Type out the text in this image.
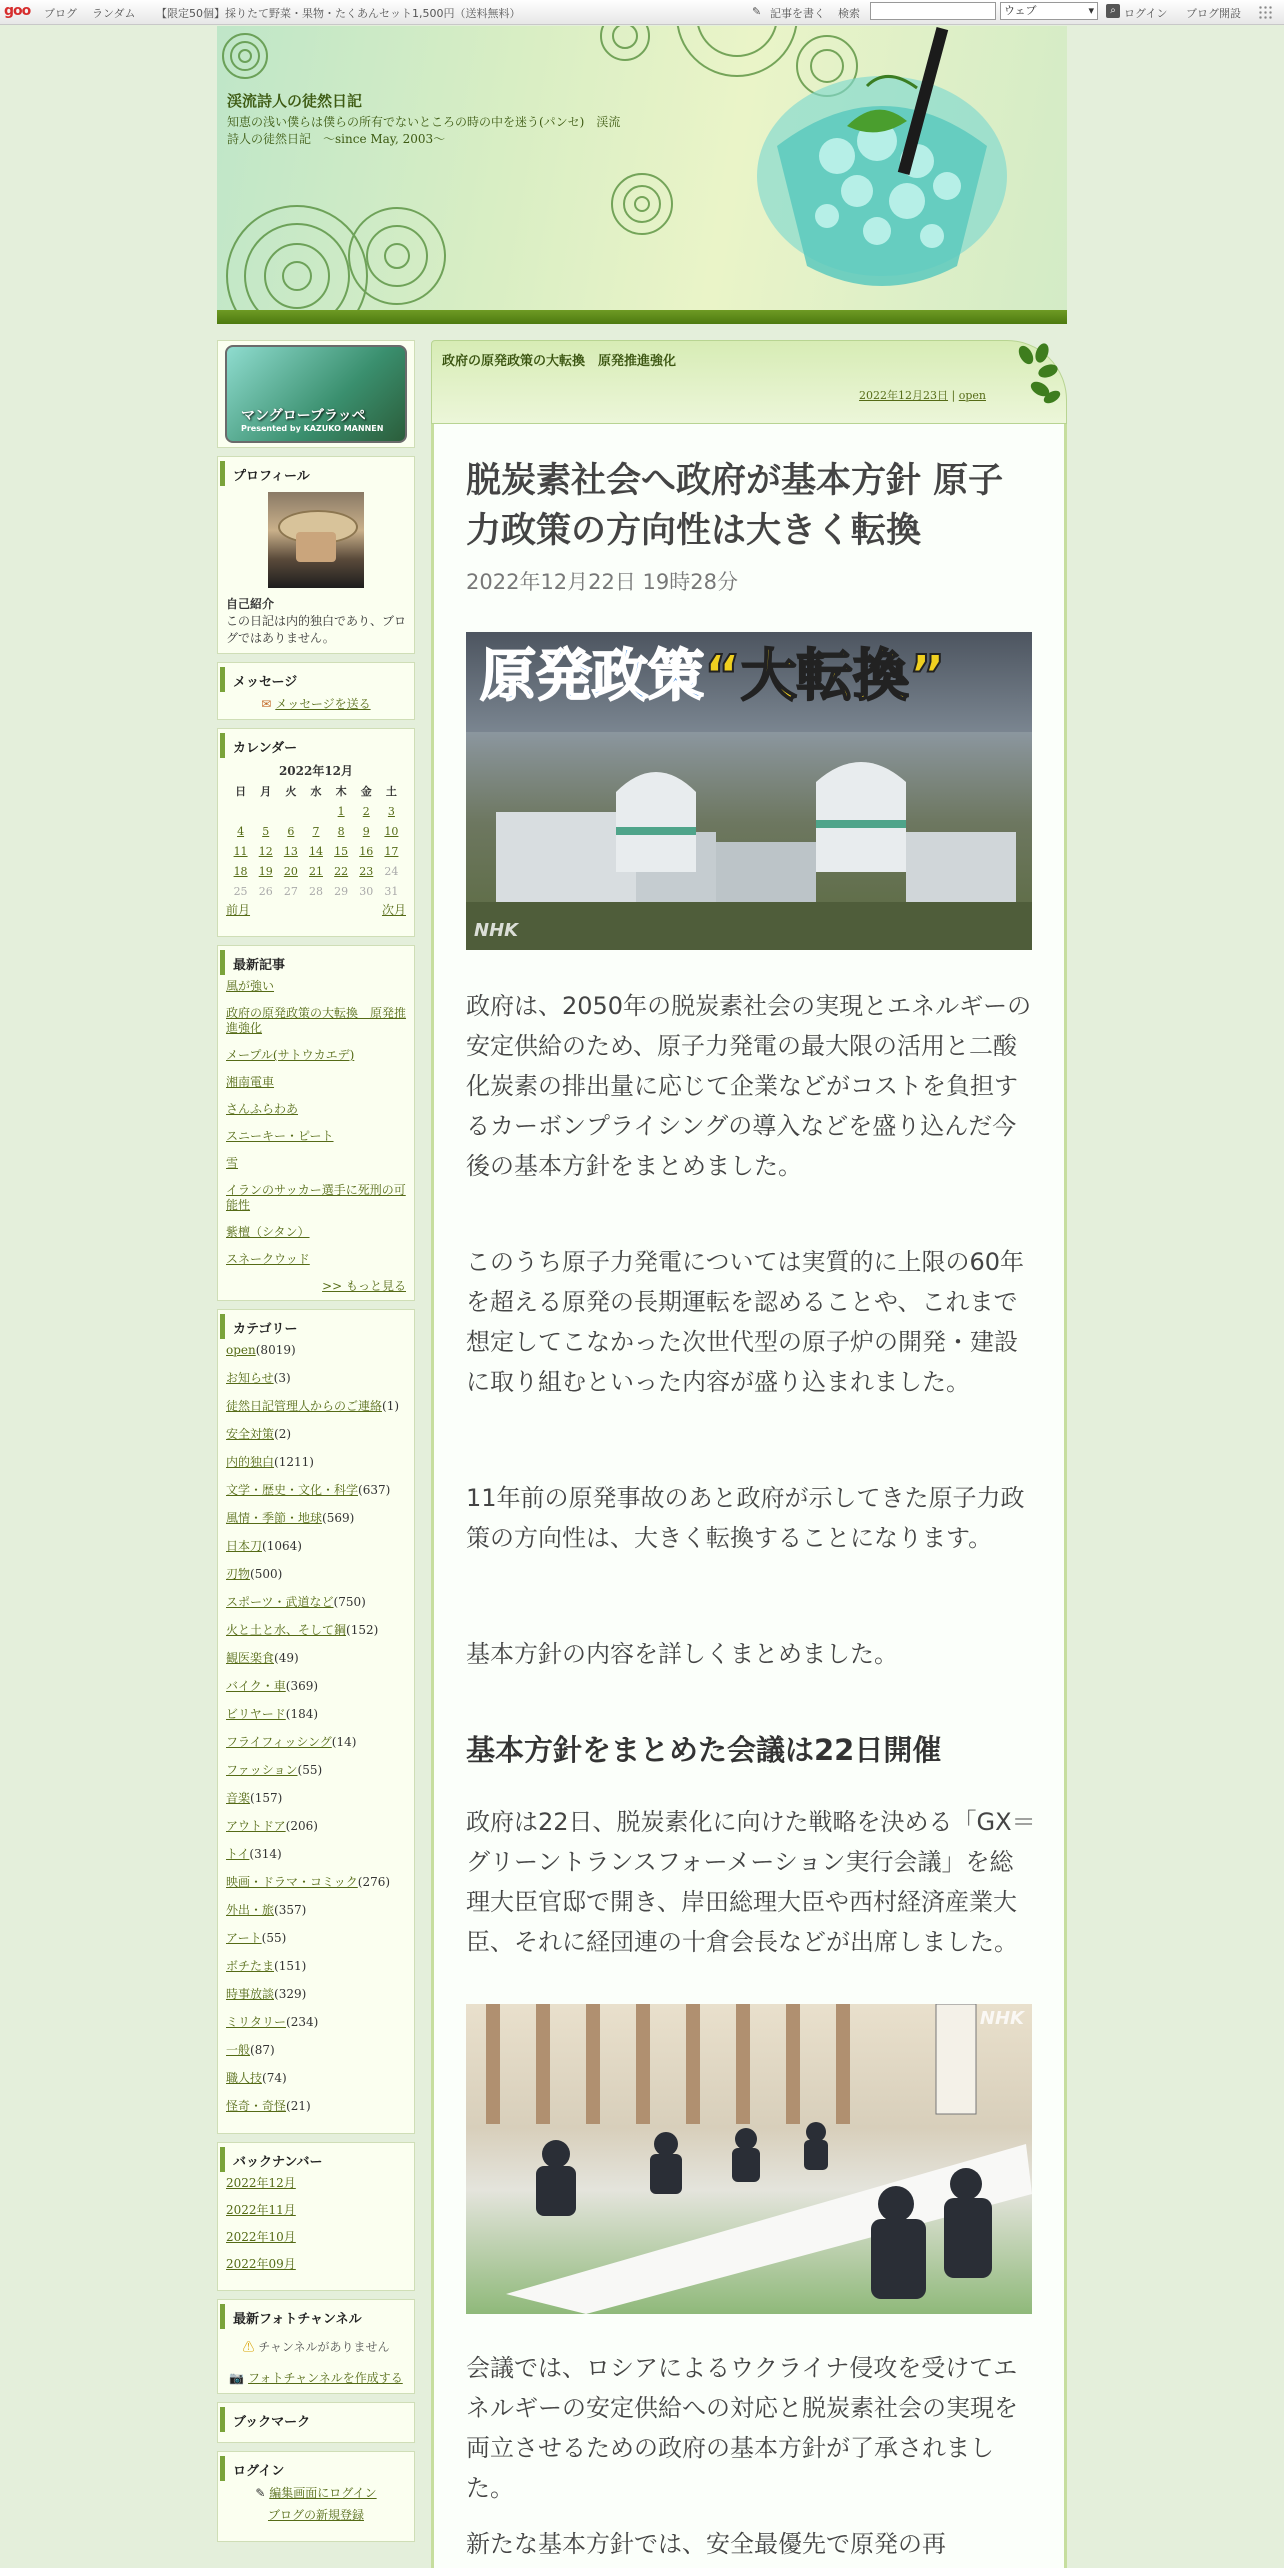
goo ブログ ランダム 【限定50個】採りたて野菜・果物・たくあんセット1,500円（送料無料）	✎ 記事を書く 検索	ウェブ	▾	⌕ ログイン ブログ開設
渓流詩人の徒然日記
知恵の浅い僕らは僕らの所有でないところの時の中を迷う(パンセ)　渓流詩人の徒然日記　～since May, 2003～
マングローブラッペ
Presented by KAZUKO MANNEN
プロフィール
自己紹介
この日記は内的独白であり、ブログではありません。
メッセージ
✉ メッセージを送る
カレンダー
2022年12月
日	月	火	水	木	金	土
				1	2	3
4	5	6	7	8	9	10
11	12	13	14	15	16	17
18	19	20	21	22	23	24
25	26	27	28	29	30	31
前月	次月
最新記事
風が強い
政府の原発政策の大転換　原発推進強化
メープル(サトウカエデ)
湘南電車
さんふらわあ
スニーキー・ピート
雪
イランのサッカー選手に死刑の可能性
紫檀（シタン）
スネークウッド
>> もっと見る
カテゴリー
open(8019)
お知らせ(3)
徒然日記管理人からのご連絡(1)
安全対策(2)
内的独白(1211)
文学・歴史・文化・科学(637)
風情・季節・地球(569)
日本刀(1064)
刃物(500)
スポーツ・武道など(750)
火と土と水、そして鋼(152)
観医楽食(49)
バイク・車(369)
ビリヤード(184)
フライフィッシング(14)
ファッション(55)
音楽(157)
アウトドア(206)
トイ(314)
映画・ドラマ・コミック(276)
外出・旅(357)
アート(55)
ボチたま(151)
時事放談(329)
ミリタリー(234)
一般(87)
職人技(74)
怪奇・奇怪(21)
バックナンバー
2022年12月
2022年11月
2022年10月
2022年09月
最新フォトチャンネル
⚠ チャンネルがありません
📷 フォトチャンネルを作成する
ブックマーク
ログイン
✎ 編集画面にログイン
ブログの新規登録
政府の原発政策の大転換　原発推進強化
2022年12月23日 | open
脱炭素社会へ政府が基本方針 原子力政策の方向性は大きく転換
2022年12月22日 19時28分
原発政策“大転換”
NHK

政府は、2050年の脱炭素社会の実現とエネルギーの安定供給のため、原子力発電の最大限の活用と二酸化炭素の排出量に応じて企業などがコストを負担するカーボンプライシングの導入などを盛り込んだ今後の基本方針をまとめました。

このうち原子力発電については実質的に上限の60年を超える原発の長期運転を認めることや、これまで想定してこなかった次世代型の原子炉の開発・建設に取り組むといった内容が盛り込まれました。

11年前の原発事故のあと政府が示してきた原子力政策の方向性は、大きく転換することになります。

基本方針の内容を詳しくまとめました。

基本方針をまとめた会議は22日開催

政府は22日、脱炭素化に向けた戦略を決める「GX＝グリーントランスフォーメーション実行会議」を総理大臣官邸で開き、岸田総理大臣や西村経済産業大臣、それに経団連の十倉会長などが出席しました。

NHK

会議では、ロシアによるウクライナ侵攻を受けてエネルギーの安定供給への対応と脱炭素社会の実現を両立させるための政府の基本方針が了承されました。

新たな基本方針では、安全最優先で原発の再
